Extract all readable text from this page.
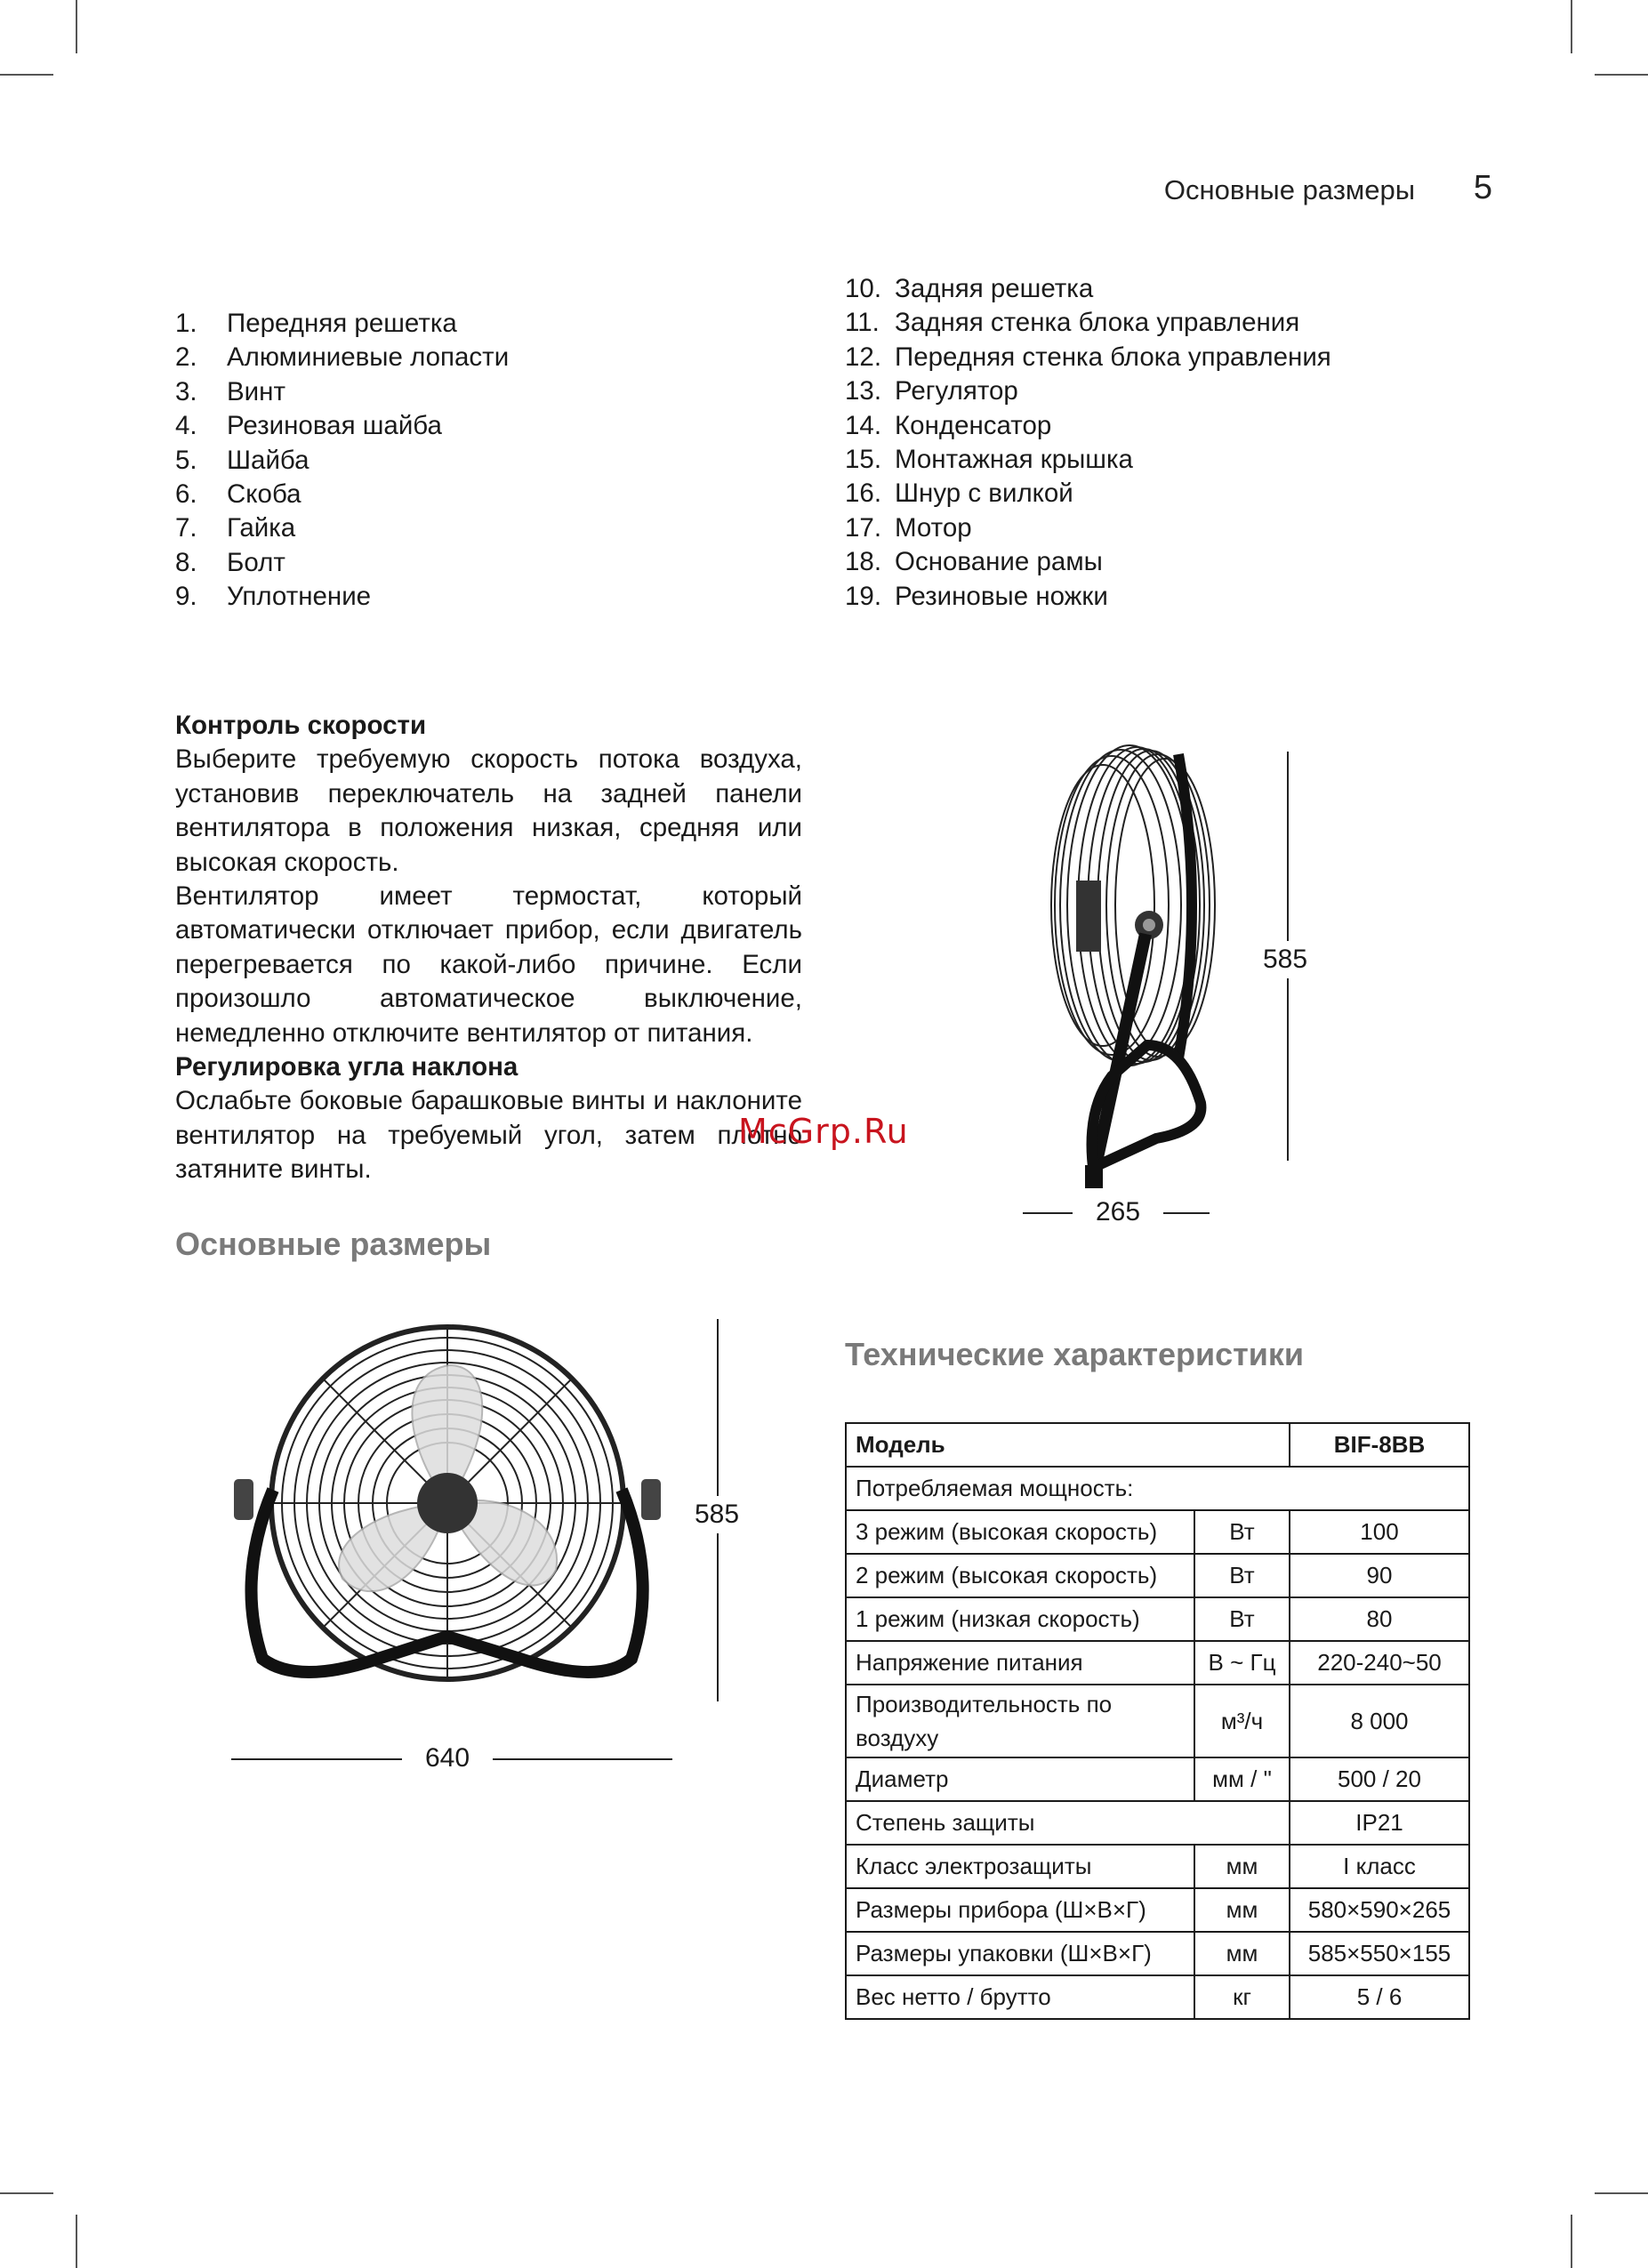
Основные размеры 5
1. Передняя решетка
2. Алюминиевые лопасти
3. Винт
4. Резиновая шайба
5. Шайба
6. Скоба
7. Гайка
8. Болт
9. Уплотнение
10. Задняя решетка
11. Задняя стенка блока управления
12. Передняя стенка блока управления
13. Регулятор
14. Конденсатор
15. Монтажная крышка
16. Шнур с вилкой
17. Мотор
18. Основание рамы
19. Резиновые ножки

Контроль скорости

Выберите требуемую скорость потока воздуха, установив переключатель на задней панели вентилятора в положения низкая, средняя или высокая скорость.

Вентилятор имеет термостат, который автоматически отключает прибор, если двигатель перегревается по какой-либо причине. Если произошло автоматическое выключение, немедленно отключите вентилятор от питания.

Регулировка угла наклона

Ослабьте боковые барашковые винты и наклоните вентилятор на требуемый угол, затем плотно затяните винты.

McGrp.Ru
585
265
Основные размеры
585
640
Технические характеристики
Модель		BIF-8BB
Потребляемая мощность:		
3 режим (высокая скорость)	Вт	100
2 режим (высокая скорость)	Вт	90
1 режим (низкая скорость)	Вт	80
Напряжение питания	В ~ Гц	220-240~50
Производительность по воздуху	м³/ч	8 000
Диаметр	мм / "	500 / 20
Степень защиты		IP21
Класс электрозащиты	мм	I класс
Размеры прибора (Ш×В×Г)	мм	580×590×265
Размеры упаковки (Ш×В×Г)	мм	585×550×155
Вес нетто / брутто	кг	5 / 6
